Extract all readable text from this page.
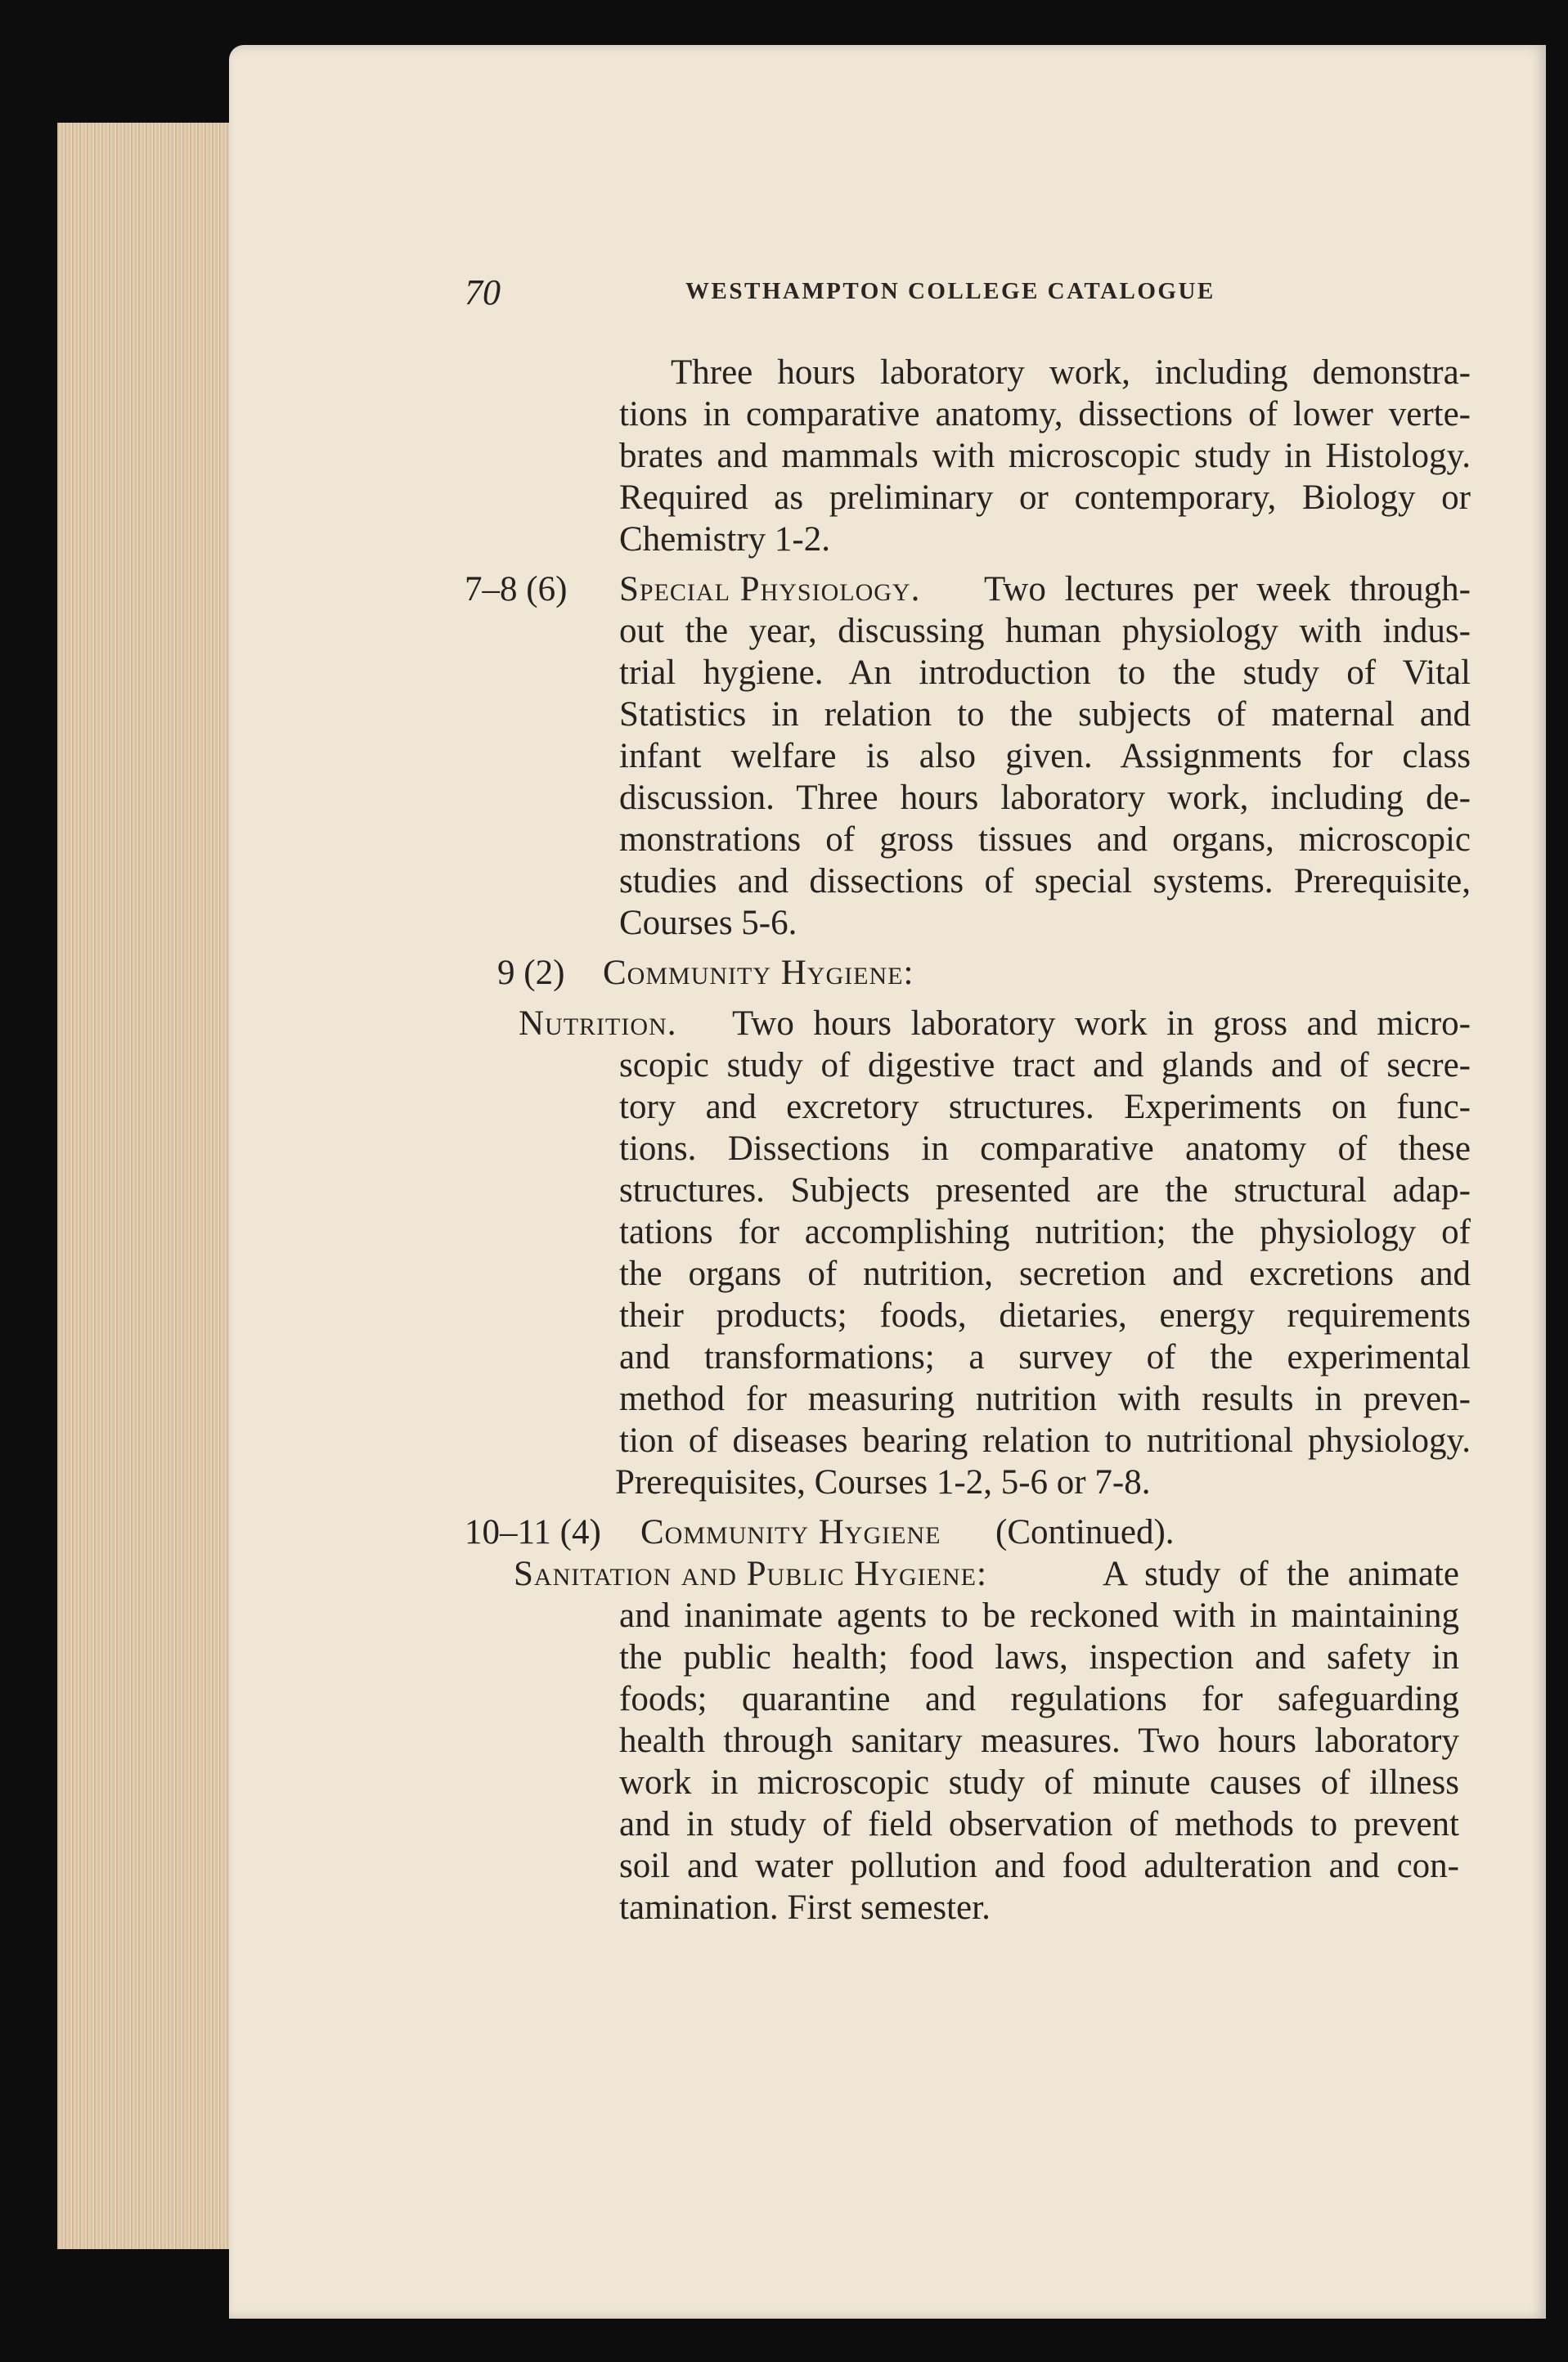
70	WESTHAMPTON COLLEGE CATALOGUE
Three hours laboratory work, including demonstra-
tions in comparative anatomy, dissections of lower verte-
brates and mammals with microscopic study in Histology.
Required as preliminary or contemporary, Biology or
Chemistry 1-2.
7–8 (6) Special Physiology. Two lectures per week through-
out the year, discussing human physiology with indus-
trial hygiene. An introduction to the study of Vital
Statistics in relation to the subjects of maternal and
infant welfare is also given. Assignments for class
discussion. Three hours laboratory work, including de-
monstrations of gross tissues and organs, microscopic
studies and dissections of special systems. Prerequisite,
Courses 5-6.
9 (2) Community Hygiene:
Nutrition. Two hours laboratory work in gross and micro-
scopic study of digestive tract and glands and of secre-
tory and excretory structures. Experiments on func-
tions. Dissections in comparative anatomy of these
structures. Subjects presented are the structural adap-
tations for accomplishing nutrition; the physiology of
the organs of nutrition, secretion and excretions and
their products; foods, dietaries, energy requirements
and transformations; a survey of the experimental
method for measuring nutrition with results in preven-
tion of diseases bearing relation to nutritional physiology.
Prerequisites, Courses 1-2, 5-6 or 7-8.
10–11 (4) Community Hygiene (Continued).
Sanitation and Public Hygiene:	A study of the animate
and inanimate agents to be reckoned with in maintaining
the public health; food laws, inspection and safety in
foods; quarantine and regulations for safeguarding
health through sanitary measures. Two hours laboratory
work in microscopic study of minute causes of illness
and in study of field observation of methods to prevent
soil and water pollution and food adulteration and con-
tamination. First semester.
